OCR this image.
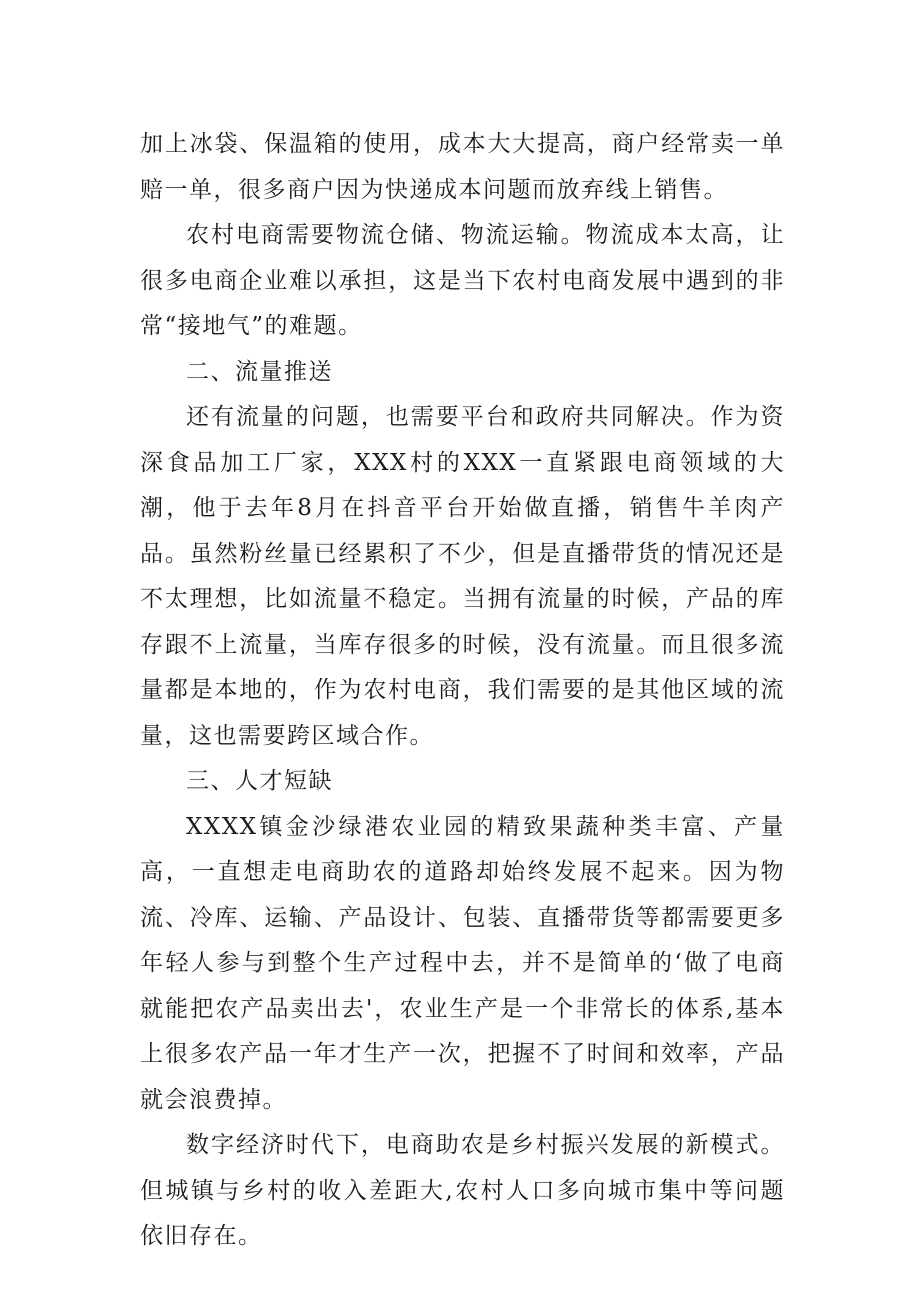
加上冰袋、保温箱的使用，成本大大提高，商户经常卖一单赔一单，很多商户因为快递成本问题而放弃线上销售。

农村电商需要物流仓储、物流运输。物流成本太高，让很多电商企业难以承担，这是当下农村电商发展中遇到的非常“接地气”的难题。

二、流量推送

还有流量的问题，也需要平台和政府共同解决。作为资深食品加工厂家，XXX村的XXX一直紧跟电商领域的大潮，他于去年8月在抖音平台开始做直播，销售牛羊肉产品。虽然粉丝量已经累积了不少，但是直播带货的情况还是不太理想，比如流量不稳定。当拥有流量的时候，产品的库存跟不上流量，当库存很多的时候，没有流量。而且很多流量都是本地的，作为农村电商，我们需要的是其他区域的流量，这也需要跨区域合作。

三、人才短缺

XXXX镇金沙绿港农业园的精致果蔬种类丰富、产量高，一直想走电商助农的道路却始终发展不起来。因为物流、冷库、运输、产品设计、包装、直播带货等都需要更多年轻人参与到整个生产过程中去，并不是简单的‘做了电商就能把农产品卖出去'，农业生产是一个非常长的体系,基本上很多农产品一年才生产一次，把握不了时间和效率，产品就会浪费掉。

数字经济时代下，电商助农是乡村振兴发展的新模式。但城镇与乡村的收入差距大,农村人口多向城市集中等问题依旧存在。
